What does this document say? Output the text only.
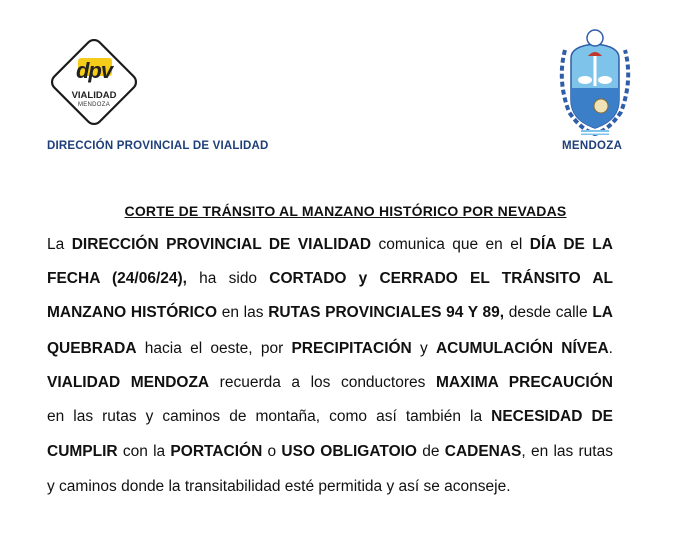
dpv
VIALIDAD
MENDOZA
DIRECCIÓN PROVINCIAL DE VIALIDAD	MENDOZA
CORTE DE TRÁNSITO AL MANZANO HISTÓRICO POR NEVADAS
La DIRECCIÓN PROVINCIAL DE VIALIDAD comunica que en el DÍA DE LA
FECHA (24/06/24), ha sido CORTADO y CERRADO EL TRÁNSITO AL
MANZANO HISTÓRICO en las RUTAS PROVINCIALES 94 Y 89, desde calle LA
QUEBRADA hacia el oeste, por PRECIPITACIÓN y ACUMULACIÓN NÍVEA.
VIALIDAD MENDOZA recuerda a los conductores MAXIMA PRECAUCIÓN
en las rutas y caminos de montaña, como así también la NECESIDAD DE
CUMPLIR con la PORTACIÓN o USO OBLIGATOIO de CADENAS, en las rutas
y caminos donde la transitabilidad esté permitida y así se aconseje.
